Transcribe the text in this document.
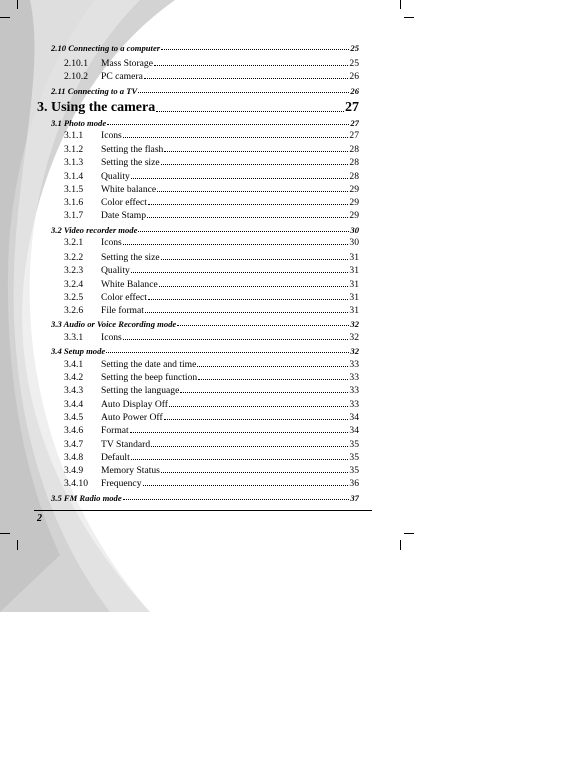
2.10 Connecting to a computer	25
2.10.1	Mass Storage	25
2.10.2	PC camera	26
2.11 Connecting to a TV	26
3. Using the camera	27
3.1 Photo mode	27
3.1.1	Icons	27
3.1.2	Setting the flash	28
3.1.3	Setting the size	28
3.1.4	Quality	28
3.1.5	White balance	29
3.1.6	Color effect	29
3.1.7	Date Stamp	29
3.2 Video recorder mode	30
3.2.1	Icons	30
3.2.2	Setting the size	31
3.2.3	Quality	31
3.2.4	White Balance	31
3.2.5	Color effect	31
3.2.6	File format	31
3.3 Audio or Voice Recording mode	32
3.3.1	Icons	32
3.4 Setup mode	32
3.4.1	Setting the date and time	33
3.4.2	Setting the beep function	33
3.4.3	Setting the language	33
3.4.4	Auto Display Off	33
3.4.5	Auto Power Off	34
3.4.6	Format	34
3.4.7	TV Standard	35
3.4.8	Default	35
3.4.9	Memory Status	35
3.4.10	Frequency	36
3.5 FM Radio mode	37
2
